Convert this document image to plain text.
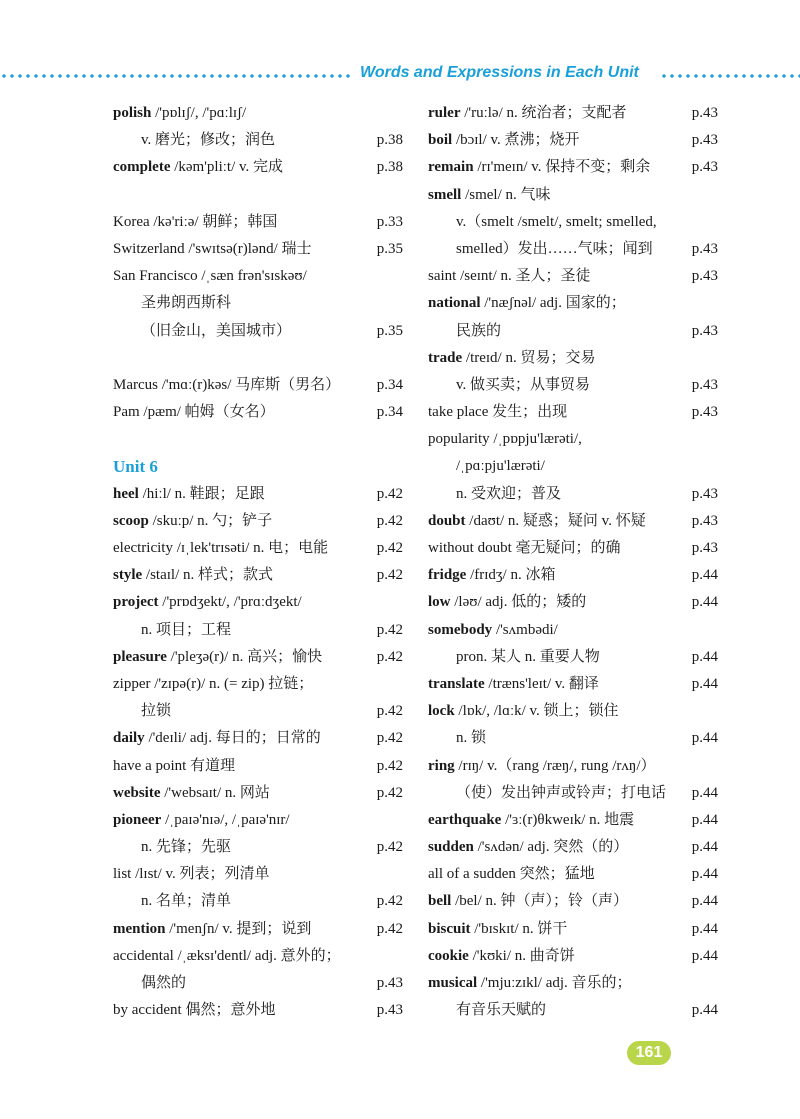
Words and Expressions in Each Unit
polish /'pɒlɪʃ/, /'pɑːlɪʃ/
v. 磨光；修改；润色	p.38
complete /kəm'pliːt/ v. 完成	p.38
Korea /kə'riːə/ 朝鲜；韩国	p.33
Switzerland /'swɪtsə(r)lənd/ 瑞士	p.35
San Francisco /ˌsæn frən'sɪskəʊ/
圣弗朗西斯科
（旧金山，美国城市）	p.35
Marcus /'mɑː(r)kəs/ 马库斯（男名） p.34
Pam /pæm/ 帕姆（女名）	p.34
Unit 6
heel /hiːl/ n. 鞋跟；足跟	p.42
scoop /skuːp/ n. 勺；铲子	p.42
electricity /ɪˌlek'trɪsəti/ n. 电；电能	p.42
style /staɪl/ n. 样式；款式	p.42
project /'prɒdʒekt/, /'prɑːdʒekt/
n. 项目；工程	p.42
pleasure /'pleʒə(r)/ n. 高兴；愉快	p.42
zipper /'zɪpə(r)/ n. (= zip) 拉链；
拉锁	p.42
daily /'deɪli/ adj. 每日的；日常的	p.42
have a point 有道理	p.42
website /'websaɪt/ n. 网站	p.42
pioneer /ˌpaɪə'nɪə/, /ˌpaɪə'nɪr/
n. 先锋；先驱	p.42
list /lɪst/ v. 列表；列清单
n. 名单；清单	p.42
mention /'menʃn/ v. 提到；说到	p.42
accidental /ˌæksɪ'dentl/ adj. 意外的；
偶然的	p.43
by accident 偶然；意外地	p.43
ruler /'ruːlə/ n. 统治者；支配者	p.43
boil /bɔɪl/ v. 煮沸；烧开	p.43
remain /rɪ'meɪn/ v. 保持不变；剩余	p.43
smell /smel/ n. 气味
v.（smelt /smelt/, smelt; smelled,
smelled）发出……气味；闻到	p.43
saint /seɪnt/ n. 圣人；圣徒	p.43
national /'næʃnəl/ adj. 国家的；
民族的	p.43
trade /treɪd/ n. 贸易；交易
v. 做买卖；从事贸易	p.43
take place 发生；出现	p.43
popularity /ˌpɒpju'lærəti/,
/ˌpɑːpju'lærəti/
n. 受欢迎；普及	p.43
doubt /daʊt/ n. 疑惑；疑问 v. 怀疑	p.43
without doubt 毫无疑问；的确	p.43
fridge /frɪdʒ/ n. 冰箱	p.44
low /ləʊ/ adj. 低的；矮的	p.44
somebody /'sʌmbədi/
pron. 某人 n. 重要人物	p.44
translate /træns'leɪt/ v. 翻译	p.44
lock /lɒk/, /lɑːk/ v. 锁上；锁住
n. 锁	p.44
ring /rɪŋ/ v.（rang /ræŋ/, rung /rʌŋ/）
（使）发出钟声或铃声；打电话 p.44
earthquake /'ɜː(r)θkweɪk/ n. 地震	p.44
sudden /'sʌdən/ adj. 突然（的）	p.44
all of a sudden 突然；猛地	p.44
bell /bel/ n. 钟（声）；铃（声）	p.44
biscuit /'bɪskɪt/ n. 饼干	p.44
cookie /'kʊki/ n. 曲奇饼	p.44
musical /'mjuːzɪkl/ adj. 音乐的；
有音乐天赋的	p.44
161
